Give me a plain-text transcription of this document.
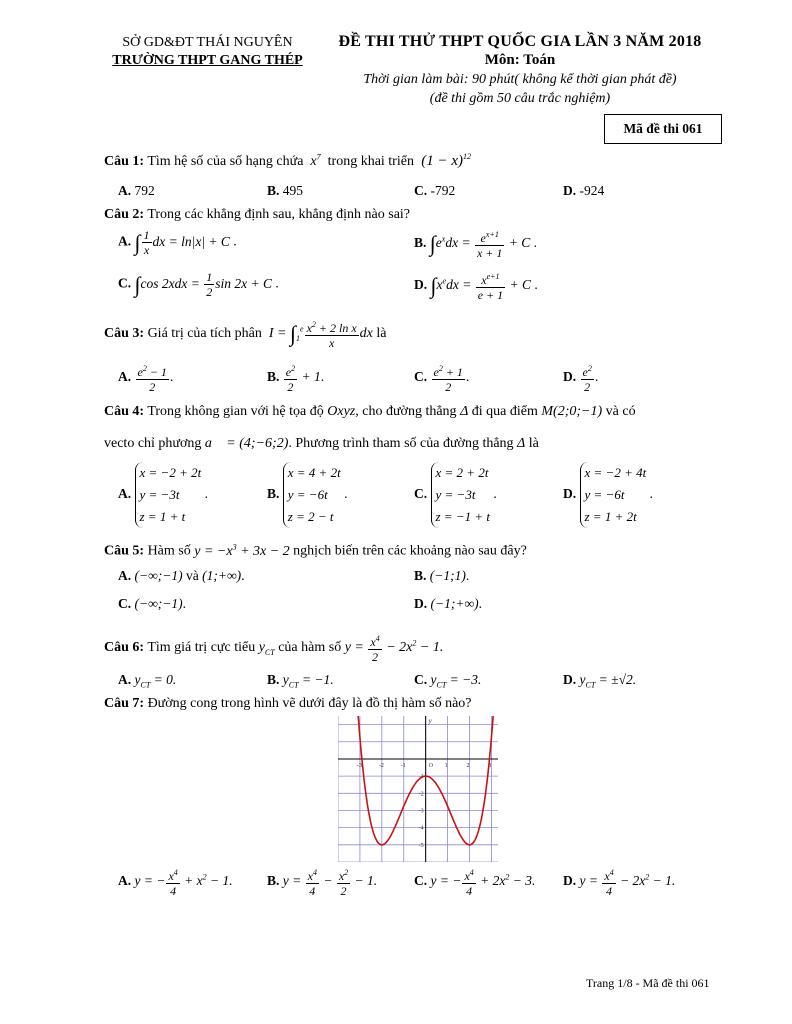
SỞ GD&ĐT THÁI NGUYÊN
TRƯỜNG THPT GANG THÉP
ĐỀ THI THỬ THPT QUỐC GIA LẦN 3 NĂM 2018
Môn: Toán
Thời gian làm bài: 90 phút( không kể thời gian phát đề)
(đề thi gồm 50 câu trắc nghiệm)
Mã đề thi 061
Câu 1: Tìm hệ số của số hạng chứa  $x^7$  trong khai triển  $(1 - x)^{12}$
A. 792	B. 495	C. -792	D. -924
Câu 2: Trong các khẳng định sau, khẳng định nào sai?
A. ∫ $\frac{1}{x}$ dx = ln|x| + C .	B. $\int e^xdx = \frac{e^{x+1}}{x + 1} + C$ .
C. ∫cos $2xdx = \frac{1}{2}$ sin 2x + C .	D. $\int x^edx = \frac{x^{e+1}}{e + 1} + C$ .
Câu 3: Giá trị của tích phân  $I = \int_1^e \frac{x^2 + 2 \ln x}{x}$ dx là
A. $\frac{e^2 - 1}{2}$ .	B. $\frac{e^2}{2} + 1$.	C. $\frac{e^2 + 1}{2}$ .	D. $\frac{e^2}{2}$ .
Câu 4: Trong không gian với hệ tọa độ Oxyz, cho đường thẳng Δ đi qua điểm M(2;0;−1) và có
vecto chỉ phương a⃗ = (4;−6;2). Phương trình tham số của đường thẳng Δ là
A. x = −2 + 2t
y = −3t
z = 1 + t .	B. x = 4 + 2t
y = −6t
z = 2 − t .	C. x = 2 + 2t
y = −3t
z = −1 + t .	D. x = −2 + 4t
y = −6t
z = 1 + 2t .
Câu 5: Hàm số $y = -x^3 + 3x - 2$ nghịch biến trên các khoảng nào sau đây?
A. (−∞;−1) và (1;+∞).	B. (−1;1).
C. (−∞;−1).	D. (−1;+∞).
Câu 6: Tìm giá trị cực tiểu $y_{CT}$ của hàm số $y = \frac{x^4}{2} - 2x^2 - 1$.
A. $y_{CT} = 0$.	B. $y_{CT} = -1$.	C. $y_{CT} = -3$.	D. $y_{CT} = \pm√2$.
Câu 7: Đường cong trong hình vẽ dưới đây là đồ thị hàm số nào?
-3	-2	-1	1	2	3
-1
-2
-3
-4
-5
O
y
A. y = − $\frac{x^4}{4} + x^2 - 1$.	B. $y = \frac{x^4}{4} - \frac{x^2}{2} - 1$.	C. y = − $\frac{x^4}{4} + 2x^2 - 3$. D. $y = \frac{x^4}{4} - 2x^2 - 1$.
Trang 1/8 - Mã đề thi 061
